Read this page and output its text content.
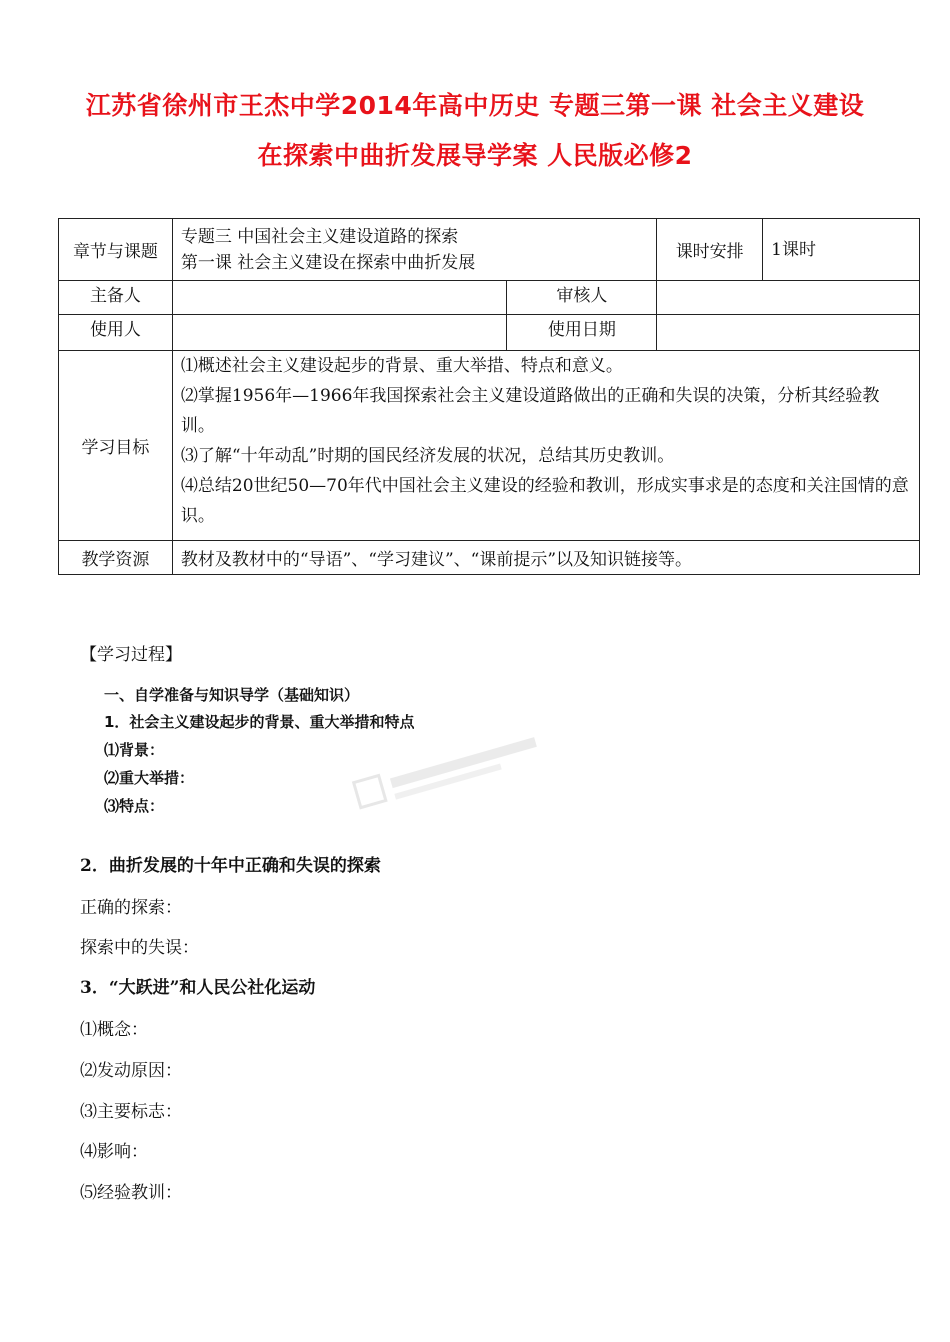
江苏省徐州市王杰中学2014年高中历史 专题三第一课 社会主义建设
在探索中曲折发展导学案 人民版必修2
章节与课题	专题三 中国社会主义建设道路的探索
第一课 社会主义建设在探索中曲折发展		课时安排	1课时
主备人		审核人		
使用人		使用日期		
学习目标	⑴概述社会主义建设起步的背景、重大举措、特点和意义。

⑵掌握1956年—1966年我国探索社会主义建设道路做出的正确和失误的决策，分析其经验教训。

⑶了解“十年动乱”时期的国民经济发展的状况，总结其历史教训。

⑷总结20世纪50—70年代中国社会主义建设的经验和教训，形成实事求是的态度和关注国情的意识。			

教学资源	教材及教材中的“导语”、“学习建议”、“课前提示”以及知识链接等。			
【学习过程】
一、自学准备与知识导学（基础知识）
1．社会主义建设起步的背景、重大举措和特点
⑴背景：
⑵重大举措：
⑶特点：
2．曲折发展的十年中正确和失误的探索
正确的探索：
探索中的失误：
3．“大跃进”和人民公社化运动
⑴概念：
⑵发动原因：
⑶主要标志：
⑷影响：
⑸经验教训：
